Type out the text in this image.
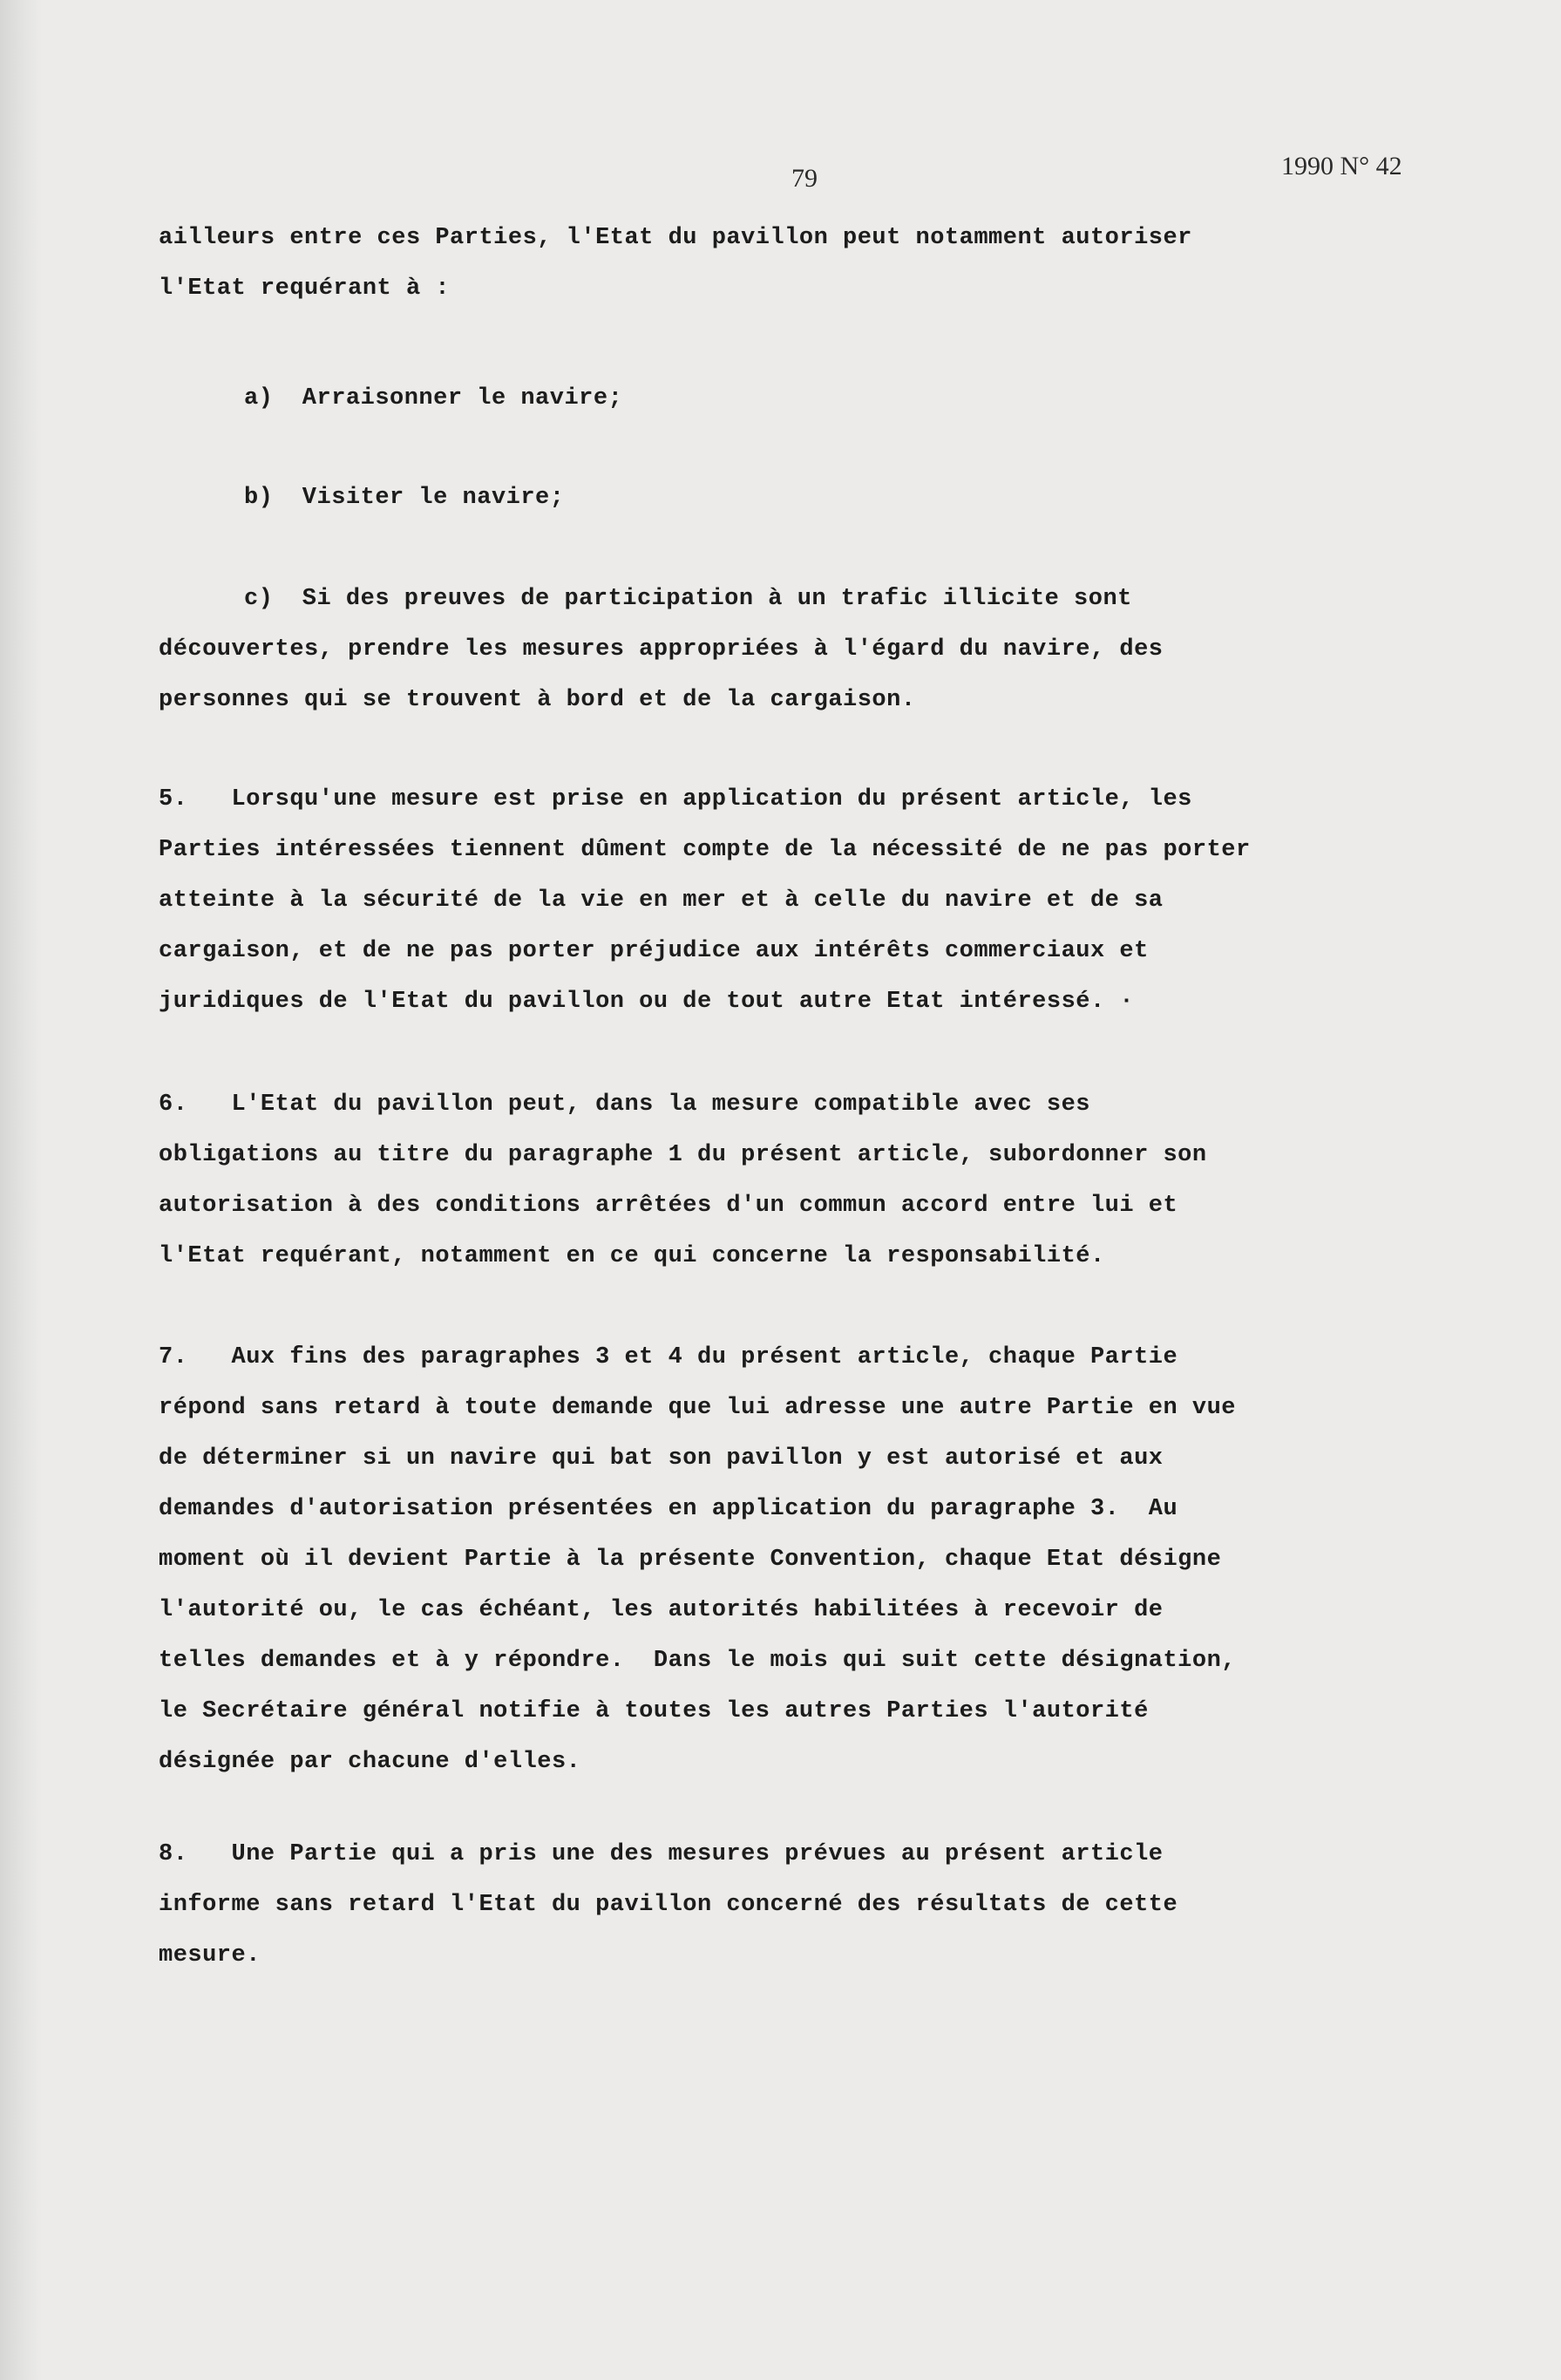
79	1990 N° 42

ailleurs entre ces Parties, l'Etat du pavillon peut notamment autoriser

l'Etat requérant à :

a)  Arraisonner le navire;

b)  Visiter le navire;

c)  Si des preuves de participation à un trafic illicite sont

découvertes, prendre les mesures appropriées à l'égard du navire, des

personnes qui se trouvent à bord et de la cargaison.

5.   Lorsqu'une mesure est prise en application du présent article, les

Parties intéressées tiennent dûment compte de la nécessité de ne pas porter

atteinte à la sécurité de la vie en mer et à celle du navire et de sa

cargaison, et de ne pas porter préjudice aux intérêts commerciaux et

juridiques de l'Etat du pavillon ou de tout autre Etat intéressé. ·

6.   L'Etat du pavillon peut, dans la mesure compatible avec ses

obligations au titre du paragraphe 1 du présent article, subordonner son

autorisation à des conditions arrêtées d'un commun accord entre lui et

l'Etat requérant, notamment en ce qui concerne la responsabilité.

7.   Aux fins des paragraphes 3 et 4 du présent article, chaque Partie

répond sans retard à toute demande que lui adresse une autre Partie en vue

de déterminer si un navire qui bat son pavillon y est autorisé et aux

demandes d'autorisation présentées en application du paragraphe 3.  Au

moment où il devient Partie à la présente Convention, chaque Etat désigne

l'autorité ou, le cas échéant, les autorités habilitées à recevoir de

telles demandes et à y répondre.  Dans le mois qui suit cette désignation,

le Secrétaire général notifie à toutes les autres Parties l'autorité

désignée par chacune d'elles.

8.   Une Partie qui a pris une des mesures prévues au présent article

informe sans retard l'Etat du pavillon concerné des résultats de cette

mesure.
